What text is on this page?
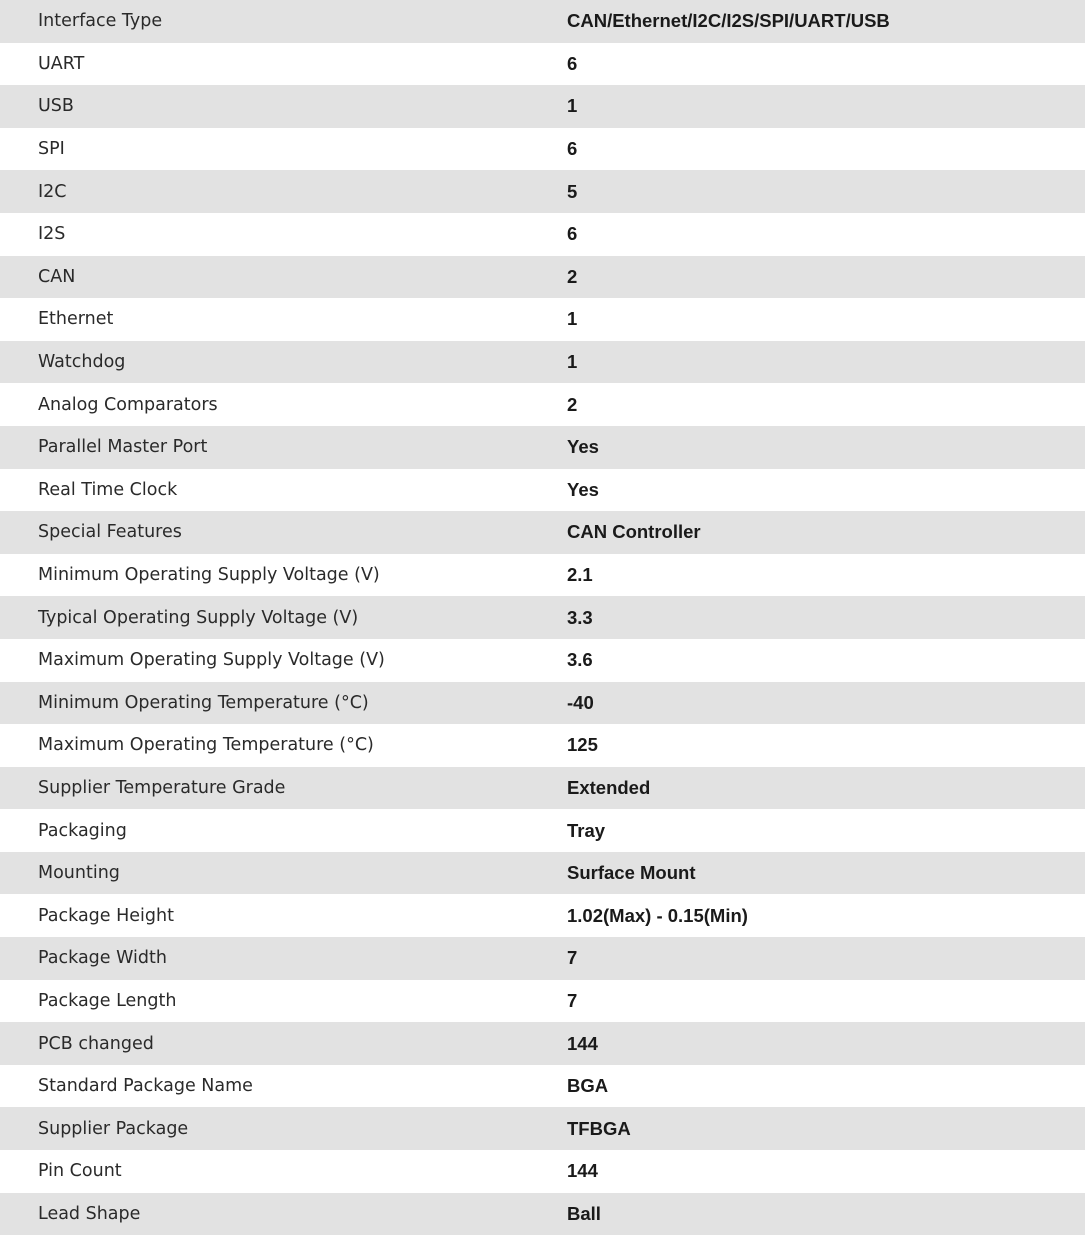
Interface Type	CAN/Ethernet/I2C/I2S/SPI/UART/USB
UART	6
USB	1
SPI	6
I2C	5
I2S	6
CAN	2
Ethernet	1
Watchdog	1
Analog Comparators	2
Parallel Master Port	Yes
Real Time Clock	Yes
Special Features	CAN Controller
Minimum Operating Supply Voltage (V)	2.1
Typical Operating Supply Voltage (V)	3.3
Maximum Operating Supply Voltage (V)	3.6
Minimum Operating Temperature (°C)	-40
Maximum Operating Temperature (°C)	125
Supplier Temperature Grade	Extended
Packaging	Tray
Mounting	Surface Mount
Package Height	1.02(Max) - 0.15(Min)
Package Width	7
Package Length	7
PCB changed	144
Standard Package Name	BGA
Supplier Package	TFBGA
Pin Count	144
Lead Shape	Ball
